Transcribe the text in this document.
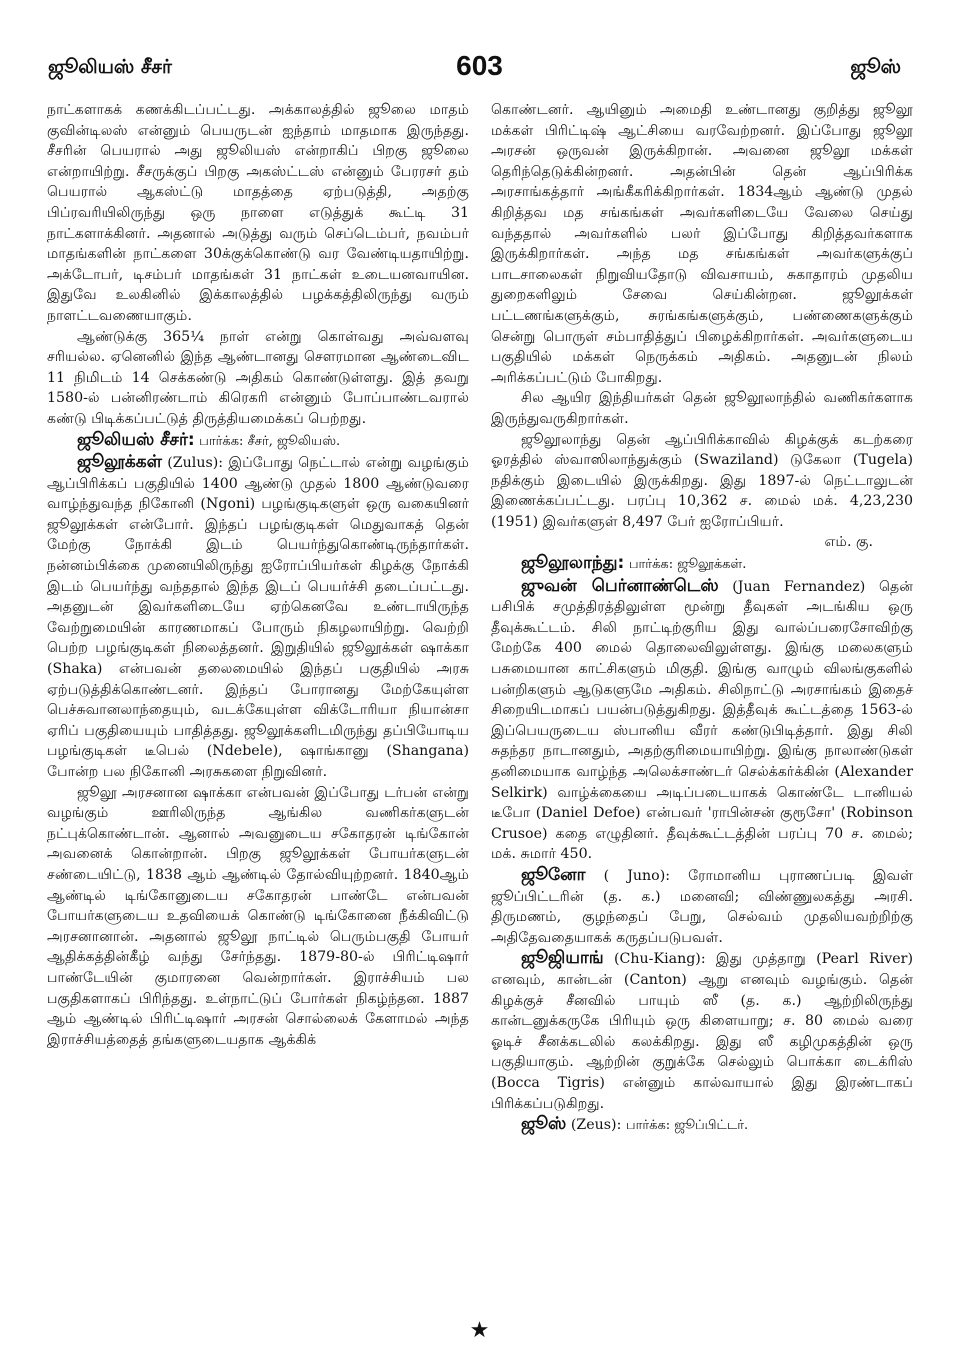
ஜூலியஸ் சீசர்	603	ஜூஸ்

நாட்களாகக் கணக்கிடப்பட்டது. அக்காலத்தில் ஜூலை மாதம் குவின்டிலஸ் என்னும் பெயருடன் ஐந்தாம் மாதமாக இருந்தது. சீசரின் பெயரால் அது ஜூலியஸ் என்றாகிப் பிறகு ஜூலை என்றாயிற்று. சீசருக்குப் பிறகு அகஸ்ட்டஸ் என்னும் பேரரசர் தம் பெயரால் ஆகஸ்ட்டு மாதத்தை ஏற்படுத்தி, அதற்கு பிப்ரவரியிலிருந்து ஒரு நாளை எடுத்துக் கூட்டி 31 நாட்களாக்கினர். அதனால் அடுத்து வரும் செப்டெம்பர், நவம்பர் மாதங்களின் நாட்களை 30க்குக்கொண்டு வர வேண்டியதாயிற்று. அக்டோபர், டிசம்பர் மாதங்கள் 31 நாட்கள் உடையனவாயின. இதுவே உலகினில் இக்காலத்தில் பழக்கத்திலிருந்து வரும் நாளட்டவணையாகும்.

ஆண்டுக்கு 365¼ நாள் என்று கொள்வது அவ்வளவு சரியல்ல. ஏனெனில் இந்த ஆண்டானது சௌரமான ஆண்டைவிட 11 நிமிடம் 14 செக்கண்டு அதிகம் கொண்டுள்ளது. இத் தவறு 1580-ல் பன்னிரண்டாம் கிரெகரி என்னும் போப்பாண்டவரால் கண்டு பிடிக்கப்பட்டுத் திருத்தியமைக்கப் பெற்றது.

ஜூலியஸ் சீசர்: பார்க்க: சீசர், ஜூலியஸ்.

ஜூலூக்கள் (Zulus): இப்போது நெட்டால் என்று வழங்கும் ஆப்பிரிக்கப் பகுதியில் 1400 ஆண்டு முதல் 1800 ஆண்டுவரை வாழ்ந்துவந்த நிகோனி (Ngoni) பழங்குடிகளுள் ஒரு வகையினர் ஜூலூக்கள் என்போர். இந்தப் பழங்குடிகள் மெதுவாகத் தென் மேற்கு நோக்கி இடம் பெயர்ந்துகொண்டிருந்தார்கள். நன்னம்பிக்கை முனையிலிருந்து ஐரோப்பியர்கள் கிழக்கு நோக்கி இடம் பெயர்ந்து வந்ததால் இந்த இடப் பெயர்ச்சி தடைப்பட்டது. அதனுடன் இவர்களிடையே ஏற்கெனவே உண்டாயிருந்த வேற்றுமையின் காரணமாகப் போரும் நிகழலாயிற்று. வெற்றி பெற்ற பழங்குடிகள் நிலைத்தனர். இறுதியில் ஜூலூக்கள் ஷாக்கா (Shaka) என்பவன் தலைமையில் இந்தப் பகுதியில் அரசு ஏற்படுத்திக்கொண்டனர். இந்தப் போரானது மேற்கேயுள்ள பெச்சுவானலாந்தையும், வடக்கேயுள்ள விக்டோரியா நியான்சா ஏரிப் பகுதியையும் பாதித்தது. ஜூலூக்களிடமிருந்து தப்பியோடிய பழங்குடிகள் டீபெல் (Ndebele), ஷாங்கானு (Shangana) போன்ற பல நிகோனி அரசுகளை நிறுவினர்.

ஜூலூ அரசனான ஷாக்கா என்பவன் இப்போது டர்பன் என்று வழங்கும் ஊரிலிருந்த ஆங்கில வணிகர்களுடன் நட்புக்கொண்டான். ஆனால் அவனுடைய சகோதரன் டிங்கோன் அவனைக் கொன்றான். பிறகு ஜூலூக்கள் போயர்களுடன் சண்டையிட்டு, 1838 ஆம் ஆண்டில் தோல்வியுற்றனர். 1840ஆம் ஆண்டில் டிங்கோனுடைய சகோதரன் பாண்டே என்பவன் போயர்களுடைய உதவியைக் கொண்டு டிங்கோனை நீக்கிவிட்டு அரசனானான். அதனால் ஜூலூ நாட்டில் பெரும்பகுதி போயர் ஆதிக்கத்தின்கீழ் வந்து சேர்ந்தது. 1879-80-ல் பிரிட்டிஷார் பாண்டேயின் குமாரனை வென்றார்கள். இராச்சியம் பல பகுதிகளாகப் பிரிந்தது. உள்நாட்டுப் போர்கள் நிகழ்ந்தன. 1887 ஆம் ஆண்டில் பிரிட்டிஷார் அரசன் சொல்லைக் கேளாமல் அந்த இராச்சியத்தைத் தங்களுடையதாக ஆக்கிக்

கொண்டனர். ஆயினும் அமைதி உண்டானது குறித்து ஜூலூ மக்கள் பிரிட்டிஷ் ஆட்சியை வரவேற்றனர். இப்போது ஜூலூ அரசன் ஒருவன் இருக்கிறான். அவனை ஜூலூ மக்கள் தெரிந்தெடுக்கின்றனர். அதன்பின் தென் ஆப்பிரிக்க அரசாங்கத்தார் அங்கீகரிக்கிறார்கள். 1834ஆம் ஆண்டு முதல் கிறித்தவ மத சங்கங்கள் அவர்களிடையே வேலை செய்து வந்ததால் அவர்களில் பலர் இப்போது கிறித்தவர்களாக இருக்கிறார்கள். அந்த மத சங்கங்கள் அவர்களுக்குப் பாடசாலைகள் நிறுவியதோடு விவசாயம், சுகாதாரம் முதலிய துறைகளிலும் சேவை செய்கின்றன. ஜூலூக்கள் பட்டணங்களுக்கும், சுரங்கங்களுக்கும், பண்ணைகளுக்கும் சென்று பொருள் சம்பாதித்துப் பிழைக்கிறார்கள். அவர்களுடைய பகுதியில் மக்கள் நெருக்கம் அதிகம். அதனுடன் நிலம் அரிக்கப்பட்டும் போகிறது.

சில ஆயிர இந்தியர்கள் தென் ஜூலூலாந்தில் வணிகர்களாக இருந்துவருகிறார்கள்.

ஜூலூலாந்து தென் ஆப்பிரிக்காவில் கிழக்குக் கடற்கரை ஓரத்தில் ஸ்வாஸிலாந்துக்கும் (Swaziland) டுகேலா (Tugela) நதிக்கும் இடையில் இருக்கிறது. இது 1897-ல் நெட்டாலுடன் இணைக்கப்பட்டது. பரப்பு 10,362 ச. மைல் மக். 4,23,230 (1951) இவர்களுள் 8,497 பேர் ஐரோப்பியர்.
எம். கு.

ஜூலூலாந்து: பார்க்க: ஜூலூக்கள்.

ஜுவன் பெர்னாண்டெஸ் (Juan Fernandez) தென் பசிபிக் சமுத்திரத்திலுள்ள மூன்று தீவுகள் அடங்கிய ஒரு தீவுக்கூட்டம். சிலி நாட்டிற்குரிய இது வால்ப்பரைசோவிற்கு மேற்கே 400 மைல் தொலைவிலுள்ளது. இங்கு மலைகளும் பசுமையான காட்சிகளும் மிகுதி. இங்கு வாழும் விலங்குகளில் பன்றிகளும் ஆடுகளுமே அதிகம். சிலிநாட்டு அரசாங்கம் இதைச் சிறையிடமாகப் பயன்படுத்துகிறது. இத்தீவுக் கூட்டத்தை 1563-ல் இப்பெயருடைய ஸ்பானிய வீரர் கண்டுபிடித்தார். இது சிலி சுதந்தர நாடானதும், அதற்குரிமையாயிற்று. இங்கு நாலாண்டுகள் தனிமையாக வாழ்ந்த அலெக்சாண்டர் செல்க்கர்க்கின் (Alexander Selkirk) வாழ்க்கையை அடிப்படையாகக் கொண்டே டானியல் டீபோ (Daniel Defoe) என்பவர் 'ராபின்சன் குரூசோ' (Robinson Crusoe) கதை எழுதினர். தீவுக்கூட்டத்தின் பரப்பு 70 ச. மைல்; மக். சுமார் 450.

ஜூனோ ( Juno): ரோமானிய புராணப்படி இவள் ஜூப்பிட்டரின் (த. க.) மனைவி; விண்ணுலகத்து அரசி. திருமணம், குழந்தைப் பேறு, செல்வம் முதலியவற்றிற்கு அதிதேவதையாகக் கருதப்படுபவள்.

ஜூஜியாங் (Chu-Kiang): இது முத்தாறு (Pearl River) எனவும், கான்டன் (Canton) ஆறு எனவும் வழங்கும். தென் கிழக்குச் சீனவில் பாயும் ஸீ (த. க.) ஆற்றிலிருந்து கான்டனுக்கருகே பிரியும் ஒரு கிளையாறு; ச. 80 மைல் வரை ஓடிச் சீனக்கடலில் கலக்கிறது. இது ஸீ கழிமுகத்தின் ஒரு பகுதியாகும். ஆற்றின் குறுக்கே செல்லும் பொக்கா டைக்ரிஸ் (Bocca Tigris) என்னும் கால்வாயால் இது இரண்டாகப் பிரிக்கப்படுகிறது.

ஜூஸ் (Zeus): பார்க்க: ஜூப்பிட்டர்.

★
